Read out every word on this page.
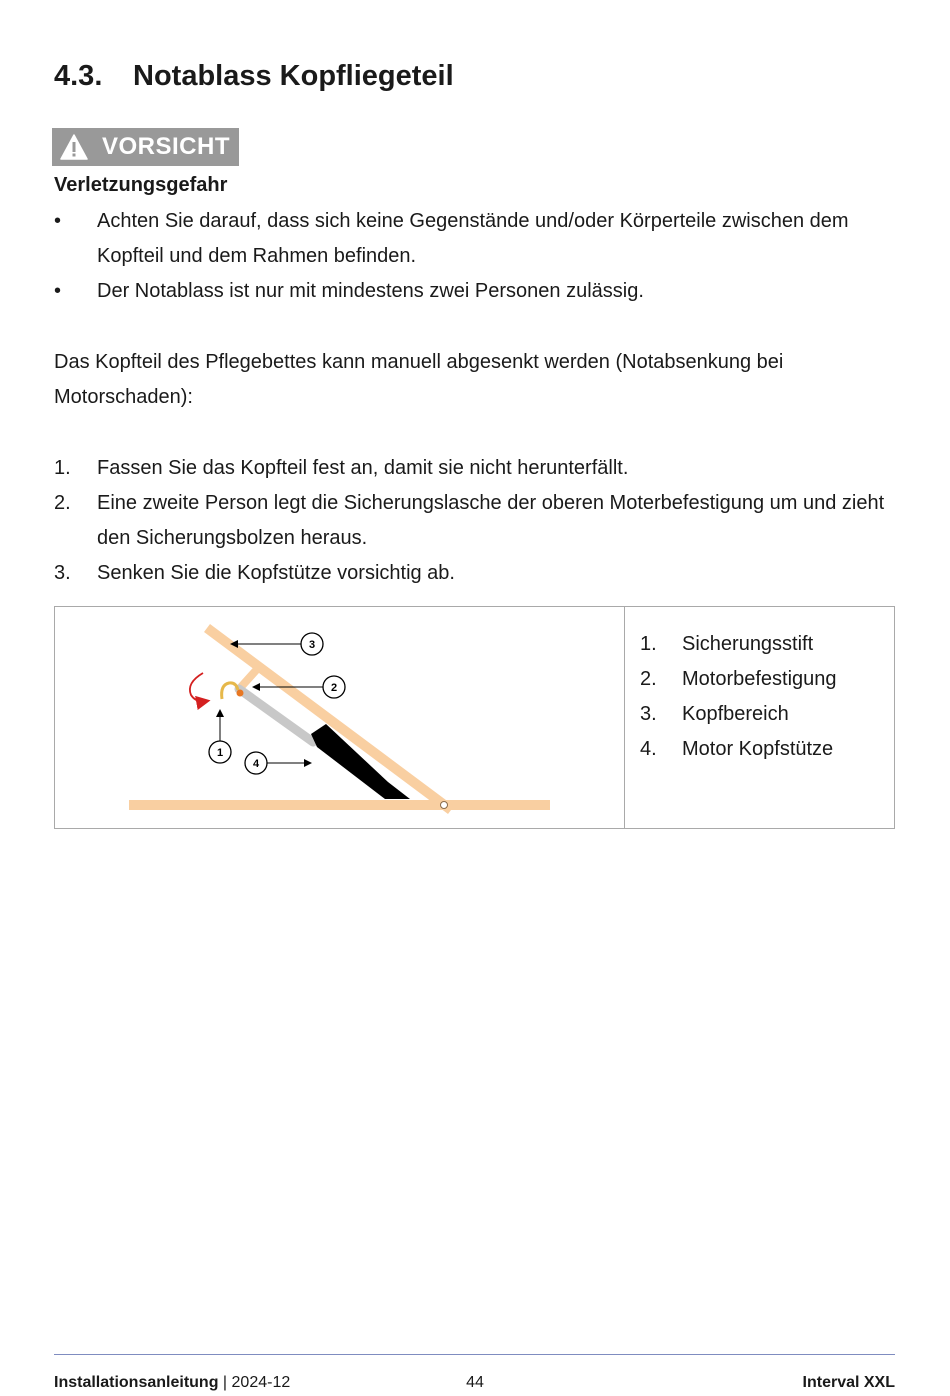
4.3. Notablass Kopfliegeteil
VORSICHT
Verletzungsgefahr
•	Achten Sie darauf, dass sich keine Gegenstände und/oder Körperteile zwischen dem Kopfteil und dem Rahmen befinden.
•	Der Notablass ist nur mit mindestens zwei Personen zulässig.
Das Kopfteil des Pflegebettes kann manuell abgesenkt werden (Notabsenkung bei Motorschaden):
1.	Fassen Sie das Kopfteil fest an, damit sie nicht herunterfällt.
2.	Eine zweite Person legt die Sicherungslasche der oberen Moterbefestigung um und zieht den Sicherungsbolzen heraus.
3.	Senken Sie die Kopfstütze vorsichtig ab.
1
2
3
4
1.	Sicherungsstift
2.	Motorbefestigung
3.	Kopfbereich
4.	Motor Kopfstütze
Installationsanleitung | 2024-12	44	Interval XXL
